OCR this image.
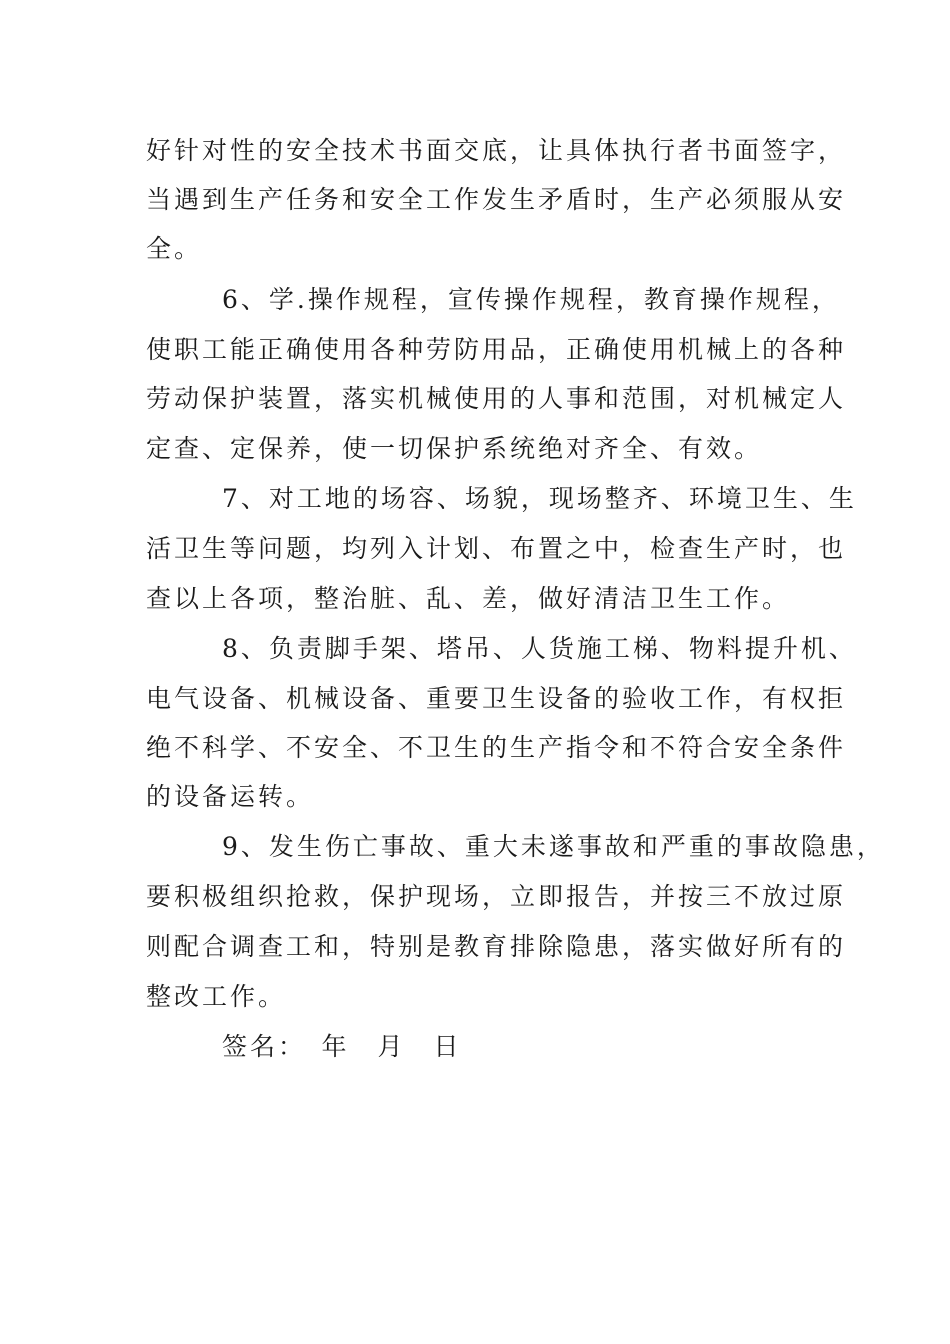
好针对性的安全技术书面交底，让具体执行者书面签字，
当遇到生产任务和安全工作发生矛盾时，生产必须服从安
全。
6、学.操作规程，宣传操作规程，教育操作规程，
使职工能正确使用各种劳防用品，正确使用机械上的各种
劳动保护装置，落实机械使用的人事和范围，对机械定人
定查、定保养，使一切保护系统绝对齐全、有效。
7、对工地的场容、场貌，现场整齐、环境卫生、生
活卫生等问题，均列入计划、布置之中，检查生产时，也
查以上各项，整治脏、乱、差，做好清洁卫生工作。
8、负责脚手架、塔吊、人货施工梯、物料提升机、
电气设备、机械设备、重要卫生设备的验收工作，有权拒
绝不科学、不安全、不卫生的生产指令和不符合安全条件
的设备运转。
9、发生伤亡事故、重大未遂事故和严重的事故隐患，
要积极组织抢救，保护现场，立即报告，并按三不放过原
则配合调查工和，特别是教育排除隐患，落实做好所有的
整改工作。
签名：　年　月　日
